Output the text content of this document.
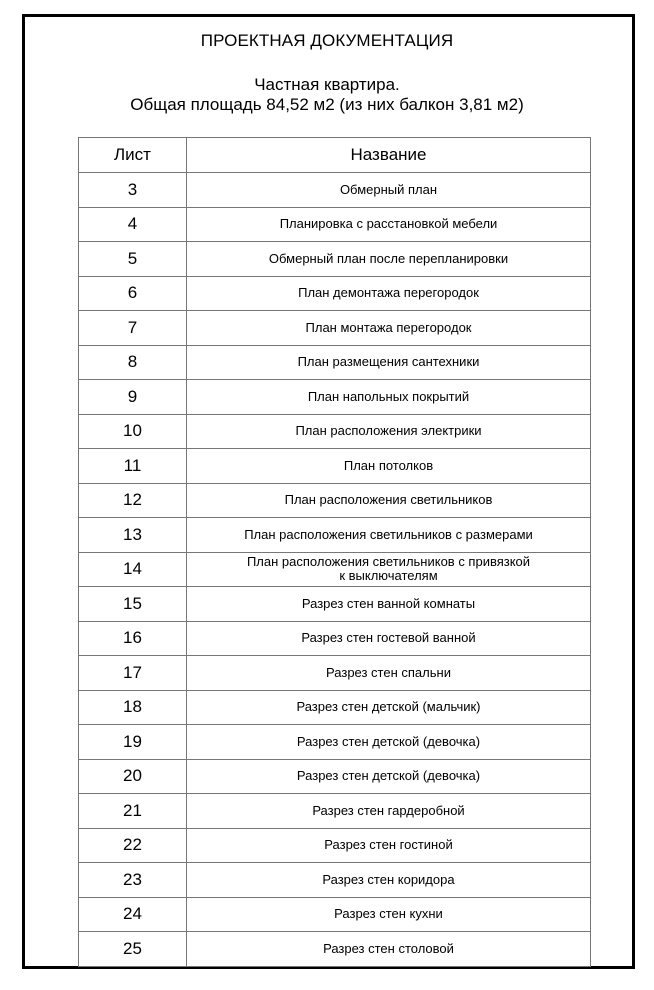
ПРОЕКТНАЯ ДОКУМЕНТАЦИЯ
Частная квартира.
Общая площадь 84,52 м2 (из них балкон 3,81 м2)
Лист	Название
3	Обмерный план

4	Планировка с расстановкой мебели

5	Обмерный план после перепланировки

6	План демонтажа перегородок

7	План монтажа перегородок

8	План размещения сантехники

9	План напольных покрытий

10	План расположения электрики

11	План потолков

12	План расположения светильников

13	План расположения светильников с размерами

14	План расположения светильников с привязкой
к выключателям

15	Разрез стен ванной комнаты

16	Разрез стен гостевой ванной

17	Разрез стен спальни

18	Разрез стен детской (мальчик)

19	Разрез стен детской (девочка)

20	Разрез стен детской (девочка)

21	Разрез стен гардеробной

22	Разрез стен гостиной

23	Разрез стен коридора

24	Разрез стен кухни

25	Разрез стен столовой
